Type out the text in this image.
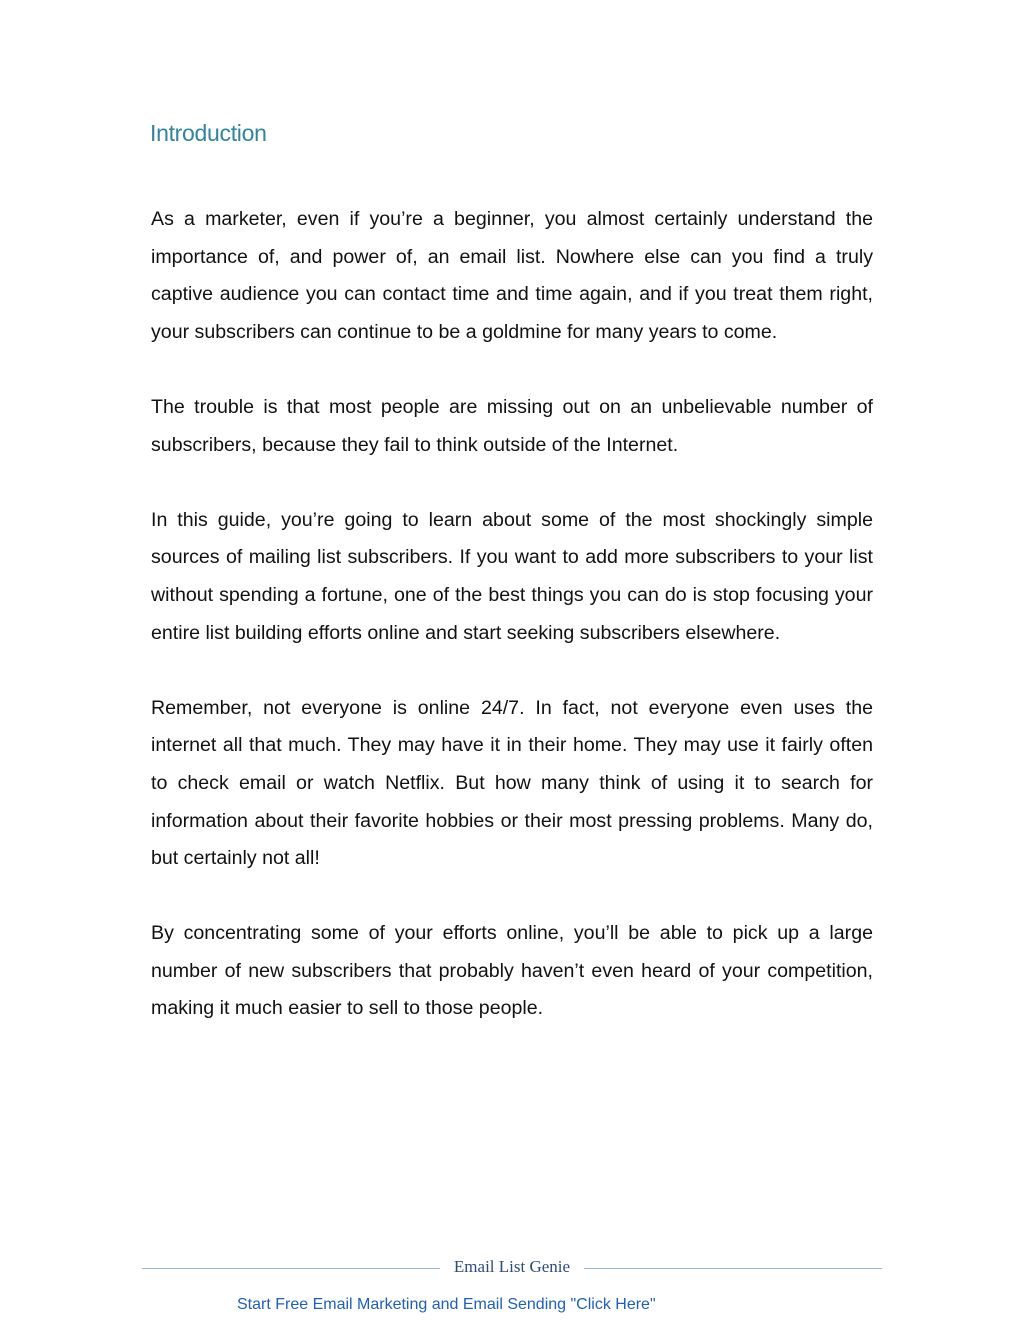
Introduction

As a marketer, even if you’re a beginner, you almost certainly understand the importance of, and power of, an email list. Nowhere else can you find a truly captive audience you can contact time and time again, and if you treat them right, your subscribers can continue to be a goldmine for many years to come.

The trouble is that most people are missing out on an unbelievable number of subscribers, because they fail to think outside of the Internet.

In this guide, you’re going to learn about some of the most shockingly simple sources of mailing list subscribers. If you want to add more subscribers to your list without spending a fortune, one of the best things you can do is stop focusing your entire list building efforts online and start seeking subscribers elsewhere.

Remember, not everyone is online 24/7. In fact, not everyone even uses the internet all that much. They may have it in their home. They may use it fairly often to check email or watch Netflix. But how many think of using it to search for information about their favorite hobbies or their most pressing problems. Many do, but certainly not all!

By concentrating some of your efforts online, you’ll be able to pick up a large number of new subscribers that probably haven’t even heard of your competition, making it much easier to sell to those people.

Email List Genie
Start Free Email Marketing and Email Sending "Click Here"
